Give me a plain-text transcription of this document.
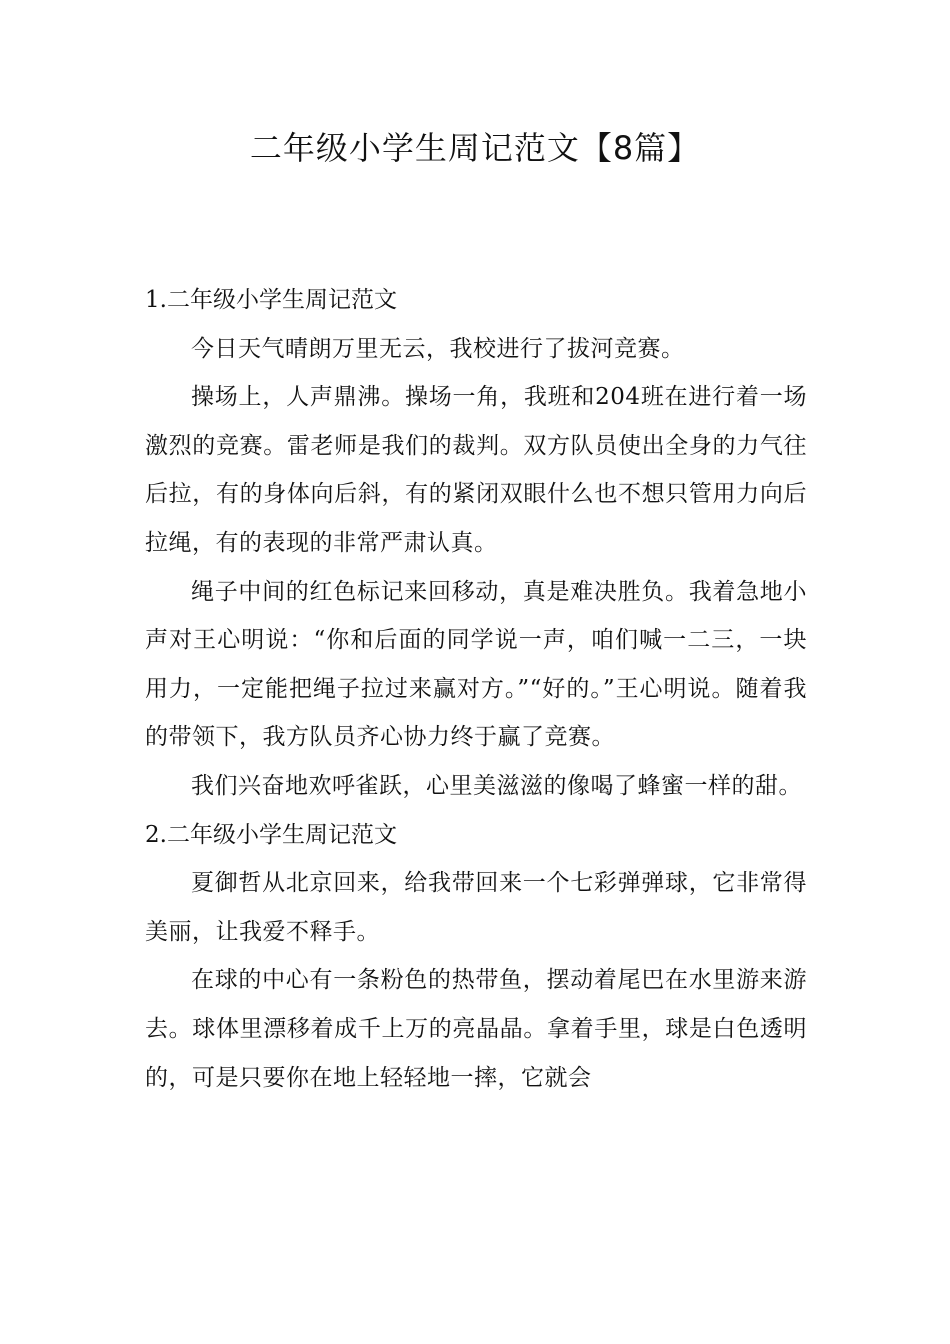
二年级小学生周记范文【8篇】

1.二年级小学生周记范文

今日天气晴朗万里无云，我校进行了拔河竞赛。

操场上，人声鼎沸。操场一角，我班和204班在进行着一场激烈的竞赛。雷老师是我们的裁判。双方队员使出全身的力气往后拉，有的身体向后斜，有的紧闭双眼什么也不想只管用力向后拉绳，有的表现的非常严肃认真。

绳子中间的红色标记来回移动，真是难决胜负。我着急地小声对王心明说：“你和后面的同学说一声，咱们喊一二三，一块用力，一定能把绳子拉过来赢对方。”“好的。”王心明说。随着我的带领下，我方队员齐心协力终于赢了竞赛。

我们兴奋地欢呼雀跃，心里美滋滋的像喝了蜂蜜一样的甜。

2.二年级小学生周记范文

夏御哲从北京回来，给我带回来一个七彩弹弹球，它非常得美丽，让我爱不释手。

在球的中心有一条粉色的热带鱼，摆动着尾巴在水里游来游去。球体里漂移着成千上万的亮晶晶。拿着手里，球是白色透明的，可是只要你在地上轻轻地一摔，它就会
